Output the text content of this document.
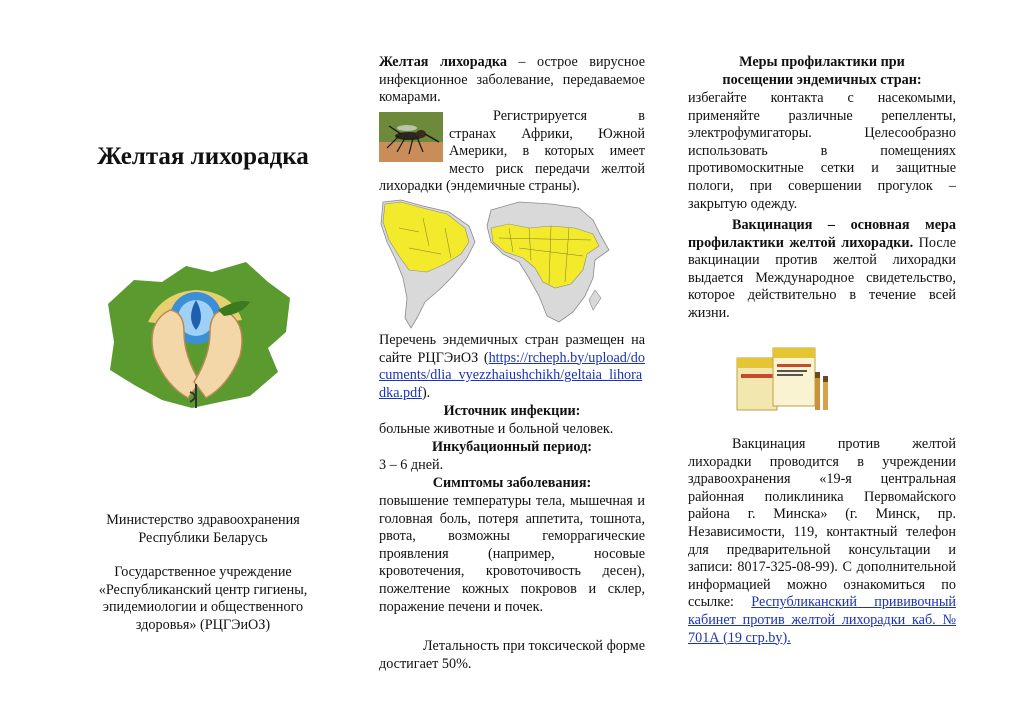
Желтая лихорадка
Министерство здравоохранения
Республики Беларусь
Государственное учреждение
«Республиканский центр гигиены,
эпидемиологии и общественного
здоровья» (РЦГЭиОЗ)
Желтая лихорадка – острое вирусное инфекционное заболевание, передаваемое комарами.
Регистрируется в странах Африки, Южной Америки, в которых имеет место риск передачи желтой лихорадки (эндемичные страны).
Перечень эндемичных стран размещен на сайте РЦГЭиОЗ (https://rcheph.by/upload/documents/dlia_vyezzhaiushchikh/geltaia_lihoradka.pdf).
Источник инфекции:
больные животные и больной человек.
Инкубационный период:
3 – 6 дней.
Симптомы заболевания:
повышение температуры тела, мышечная и головная боль, потеря аппетита, тошнота, рвота, возможны геморрагические проявления (например, носовые кровотечения, кровоточивость десен), пожелтение кожных покровов и склер, поражение печени и почек.
Летальность при токсической форме достигает 50%.
Меры профилактики при
посещении эндемичных стран:
избегайте контакта с насекомыми, применяйте различные репелленты, электрофумигаторы. Целесообразно использовать в помещениях противомоскитные сетки и защитные пологи, при совершении прогулок – закрытую одежду.
Вакцинация – основная мера профилактики желтой лихорадки. После вакцинации против желтой лихорадки выдается Международное свидетельство, которое действительно в течение всей жизни.
Вакцинация против желтой лихорадки проводится в учреждении здравоохранения «19-я центральная районная поликлиника Первомайского района г. Минска» (г. Минск, пр. Независимости, 119, контактный телефон для предварительной консультации и записи: 8017-325-08-99). С дополнительной информацией можно ознакомиться по ссылке: Республиканский прививочный кабинет против желтой лихорадки каб. № 701А (19 сгр.by).
